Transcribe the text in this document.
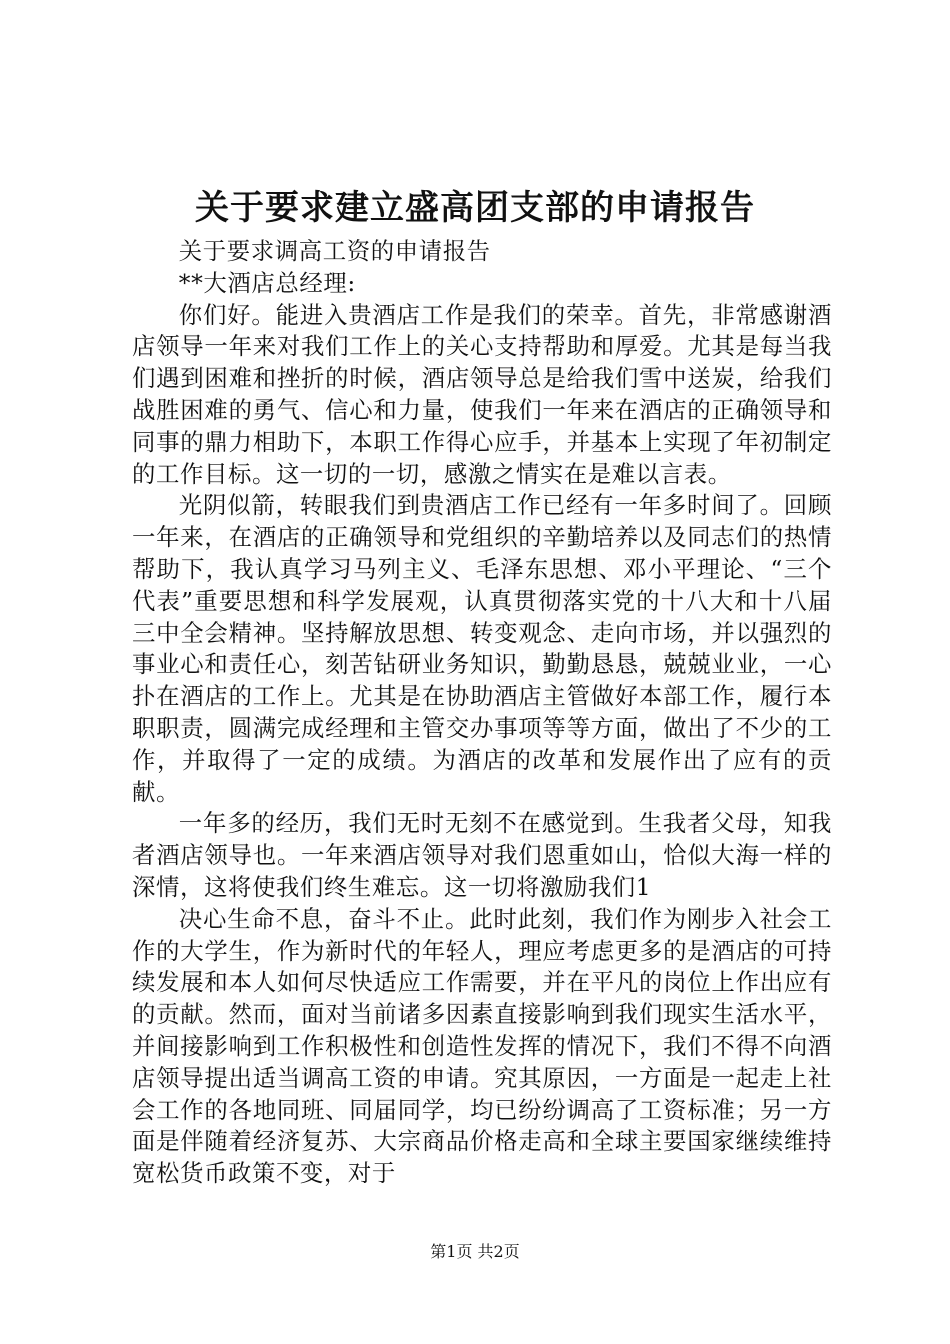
关于要求建立盛高团支部的申请报告

关于要求调高工资的申请报告

**大酒店总经理:

你们好。能进入贵酒店工作是我们的荣幸。首先，非常感谢酒店领导一年来对我们工作上的关心支持帮助和厚爱。尤其是每当我们遇到困难和挫折的时候，酒店领导总是给我们雪中送炭，给我们战胜困难的勇气、信心和力量，使我们一年来在酒店的正确领导和同事的鼎力相助下，本职工作得心应手，并基本上实现了年初制定的工作目标。这一切的一切，感激之情实在是难以言表。

光阴似箭，转眼我们到贵酒店工作已经有一年多时间了。回顾一年来，在酒店的正确领导和党组织的辛勤培养以及同志们的热情帮助下，我认真学习马列主义、毛泽东思想、邓小平理论、“三个代表”重要思想和科学发展观，认真贯彻落实党的十八大和十八届三中全会精神。坚持解放思想、转变观念、走向市场，并以强烈的事业心和责任心，刻苦钻研业务知识，勤勤恳恳，兢兢业业，一心扑在酒店的工作上。尤其是在协助酒店主管做好本部工作，履行本职职责，圆满完成经理和主管交办事项等等方面，做出了不少的工作，并取得了一定的成绩。为酒店的改革和发展作出了应有的贡献。

一年多的经历，我们无时无刻不在感觉到。生我者父母，知我者酒店领导也。一年来酒店领导对我们恩重如山，恰似大海一样的深情，这将使我们终生难忘。这一切将激励我们1

决心生命不息，奋斗不止。此时此刻，我们作为刚步入社会工作的大学生，作为新时代的年轻人，理应考虑更多的是酒店的可持续发展和本人如何尽快适应工作需要，并在平凡的岗位上作出应有的贡献。然而，面对当前诸多因素直接影响到我们现实生活水平，并间接影响到工作积极性和创造性发挥的情况下，我们不得不向酒店领导提出适当调高工资的申请。究其原因，一方面是一起走上社会工作的各地同班、同届同学，均已纷纷调高了工资标准；另一方面是伴随着经济复苏、大宗商品价格走高和全球主要国家继续维持宽松货币政策不变，对于

第1页 共2页
